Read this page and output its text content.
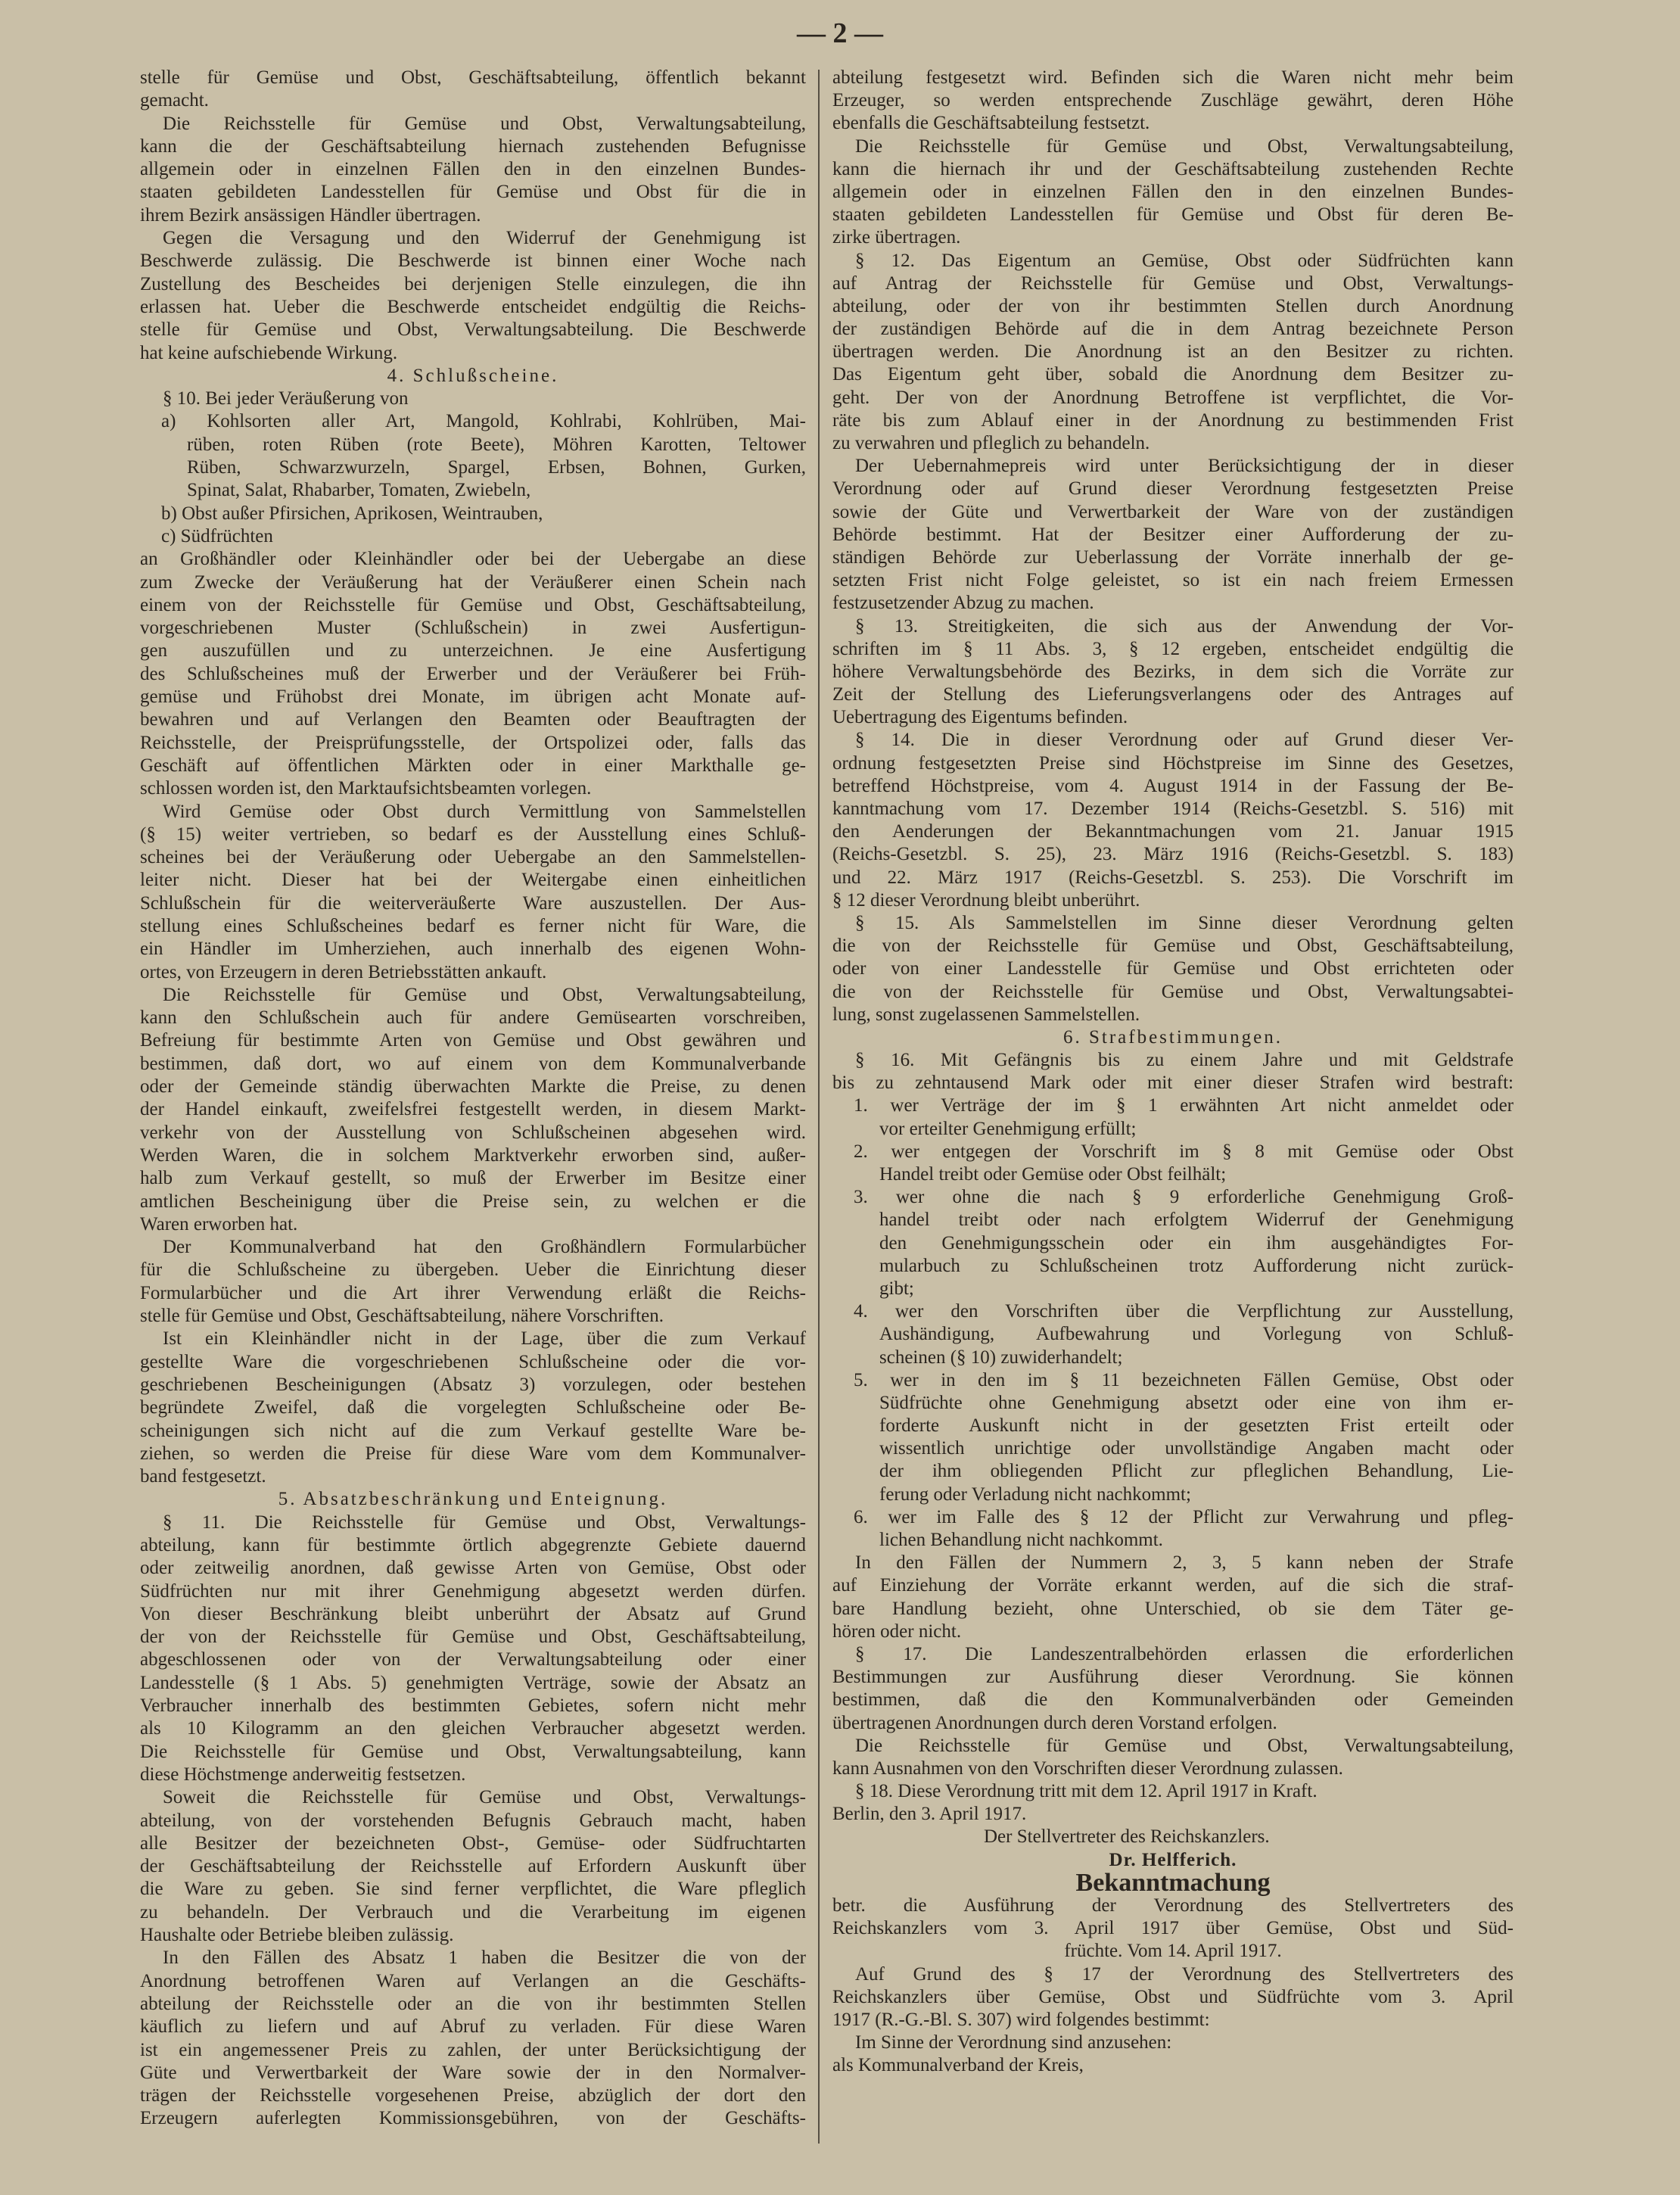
— 2 —
stelle für Gemüse und Obst, Geschäftsabteilung, öffentlich bekannt
gemacht.
Die Reichsstelle für Gemüse und Obst, Verwaltungsabteilung,
kann die der Geschäftsabteilung hiernach zustehenden Befugnisse
allgemein oder in einzelnen Fällen den in den einzelnen Bundes-
staaten gebildeten Landesstellen für Gemüse und Obst für die in
ihrem Bezirk ansässigen Händler übertragen.
Gegen die Versagung und den Widerruf der Genehmigung ist
Beschwerde zulässig. Die Beschwerde ist binnen einer Woche nach
Zustellung des Bescheides bei derjenigen Stelle einzulegen, die ihn
erlassen hat. Ueber die Beschwerde entscheidet endgültig die Reichs-
stelle für Gemüse und Obst, Verwaltungsabteilung. Die Beschwerde
hat keine aufschiebende Wirkung.
4. Schlußscheine.
§ 10. Bei jeder Veräußerung von
a) Kohlsorten aller Art, Mangold, Kohlrabi, Kohlrüben, Mai-
rüben, roten Rüben (rote Beete), Möhren Karotten, Teltower
Rüben, Schwarzwurzeln, Spargel, Erbsen, Bohnen, Gurken,
Spinat, Salat, Rhabarber, Tomaten, Zwiebeln,
b) Obst außer Pfirsichen, Aprikosen, Weintrauben,
c) Südfrüchten
an Großhändler oder Kleinhändler oder bei der Uebergabe an diese
zum Zwecke der Veräußerung hat der Veräußerer einen Schein nach
einem von der Reichsstelle für Gemüse und Obst, Geschäftsabteilung,
vorgeschriebenen Muster (Schlußschein) in zwei Ausfertigun-
gen auszufüllen und zu unterzeichnen. Je eine Ausfertigung
des Schlußscheines muß der Erwerber und der Veräußerer bei Früh-
gemüse und Frühobst drei Monate, im übrigen acht Monate auf-
bewahren und auf Verlangen den Beamten oder Beauftragten der
Reichsstelle, der Preisprüfungsstelle, der Ortspolizei oder, falls das
Geschäft auf öffentlichen Märkten oder in einer Markthalle ge-
schlossen worden ist, den Marktaufsichtsbeamten vorlegen.
Wird Gemüse oder Obst durch Vermittlung von Sammelstellen
(§ 15) weiter vertrieben, so bedarf es der Ausstellung eines Schluß-
scheines bei der Veräußerung oder Uebergabe an den Sammelstellen-
leiter nicht. Dieser hat bei der Weitergabe einen einheitlichen
Schlußschein für die weiterveräußerte Ware auszustellen. Der Aus-
stellung eines Schlußscheines bedarf es ferner nicht für Ware, die
ein Händler im Umherziehen, auch innerhalb des eigenen Wohn-
ortes, von Erzeugern in deren Betriebsstätten ankauft.
Die Reichsstelle für Gemüse und Obst, Verwaltungsabteilung,
kann den Schlußschein auch für andere Gemüsearten vorschreiben,
Befreiung für bestimmte Arten von Gemüse und Obst gewähren und
bestimmen, daß dort, wo auf einem von dem Kommunalverbande
oder der Gemeinde ständig überwachten Markte die Preise, zu denen
der Handel einkauft, zweifelsfrei festgestellt werden, in diesem Markt-
verkehr von der Ausstellung von Schlußscheinen abgesehen wird.
Werden Waren, die in solchem Marktverkehr erworben sind, außer-
halb zum Verkauf gestellt, so muß der Erwerber im Besitze einer
amtlichen Bescheinigung über die Preise sein, zu welchen er die
Waren erworben hat.
Der Kommunalverband hat den Großhändlern Formularbücher
für die Schlußscheine zu übergeben. Ueber die Einrichtung dieser
Formularbücher und die Art ihrer Verwendung erläßt die Reichs-
stelle für Gemüse und Obst, Geschäftsabteilung, nähere Vorschriften.
Ist ein Kleinhändler nicht in der Lage, über die zum Verkauf
gestellte Ware die vorgeschriebenen Schlußscheine oder die vor-
geschriebenen Bescheinigungen (Absatz 3) vorzulegen, oder bestehen
begründete Zweifel, daß die vorgelegten Schlußscheine oder Be-
scheinigungen sich nicht auf die zum Verkauf gestellte Ware be-
ziehen, so werden die Preise für diese Ware vom dem Kommunalver-
band festgesetzt.
5. Absatzbeschränkung und Enteignung.
§ 11. Die Reichsstelle für Gemüse und Obst, Verwaltungs-
abteilung, kann für bestimmte örtlich abgegrenzte Gebiete dauernd
oder zeitweilig anordnen, daß gewisse Arten von Gemüse, Obst oder
Südfrüchten nur mit ihrer Genehmigung abgesetzt werden dürfen.
Von dieser Beschränkung bleibt unberührt der Absatz auf Grund
der von der Reichsstelle für Gemüse und Obst, Geschäftsabteilung,
abgeschlossenen oder von der Verwaltungsabteilung oder einer
Landesstelle (§ 1 Abs. 5) genehmigten Verträge, sowie der Absatz an
Verbraucher innerhalb des bestimmten Gebietes, sofern nicht mehr
als 10 Kilogramm an den gleichen Verbraucher abgesetzt werden.
Die Reichsstelle für Gemüse und Obst, Verwaltungsabteilung, kann
diese Höchstmenge anderweitig festsetzen.
Soweit die Reichsstelle für Gemüse und Obst, Verwaltungs-
abteilung, von der vorstehenden Befugnis Gebrauch macht, haben
alle Besitzer der bezeichneten Obst-, Gemüse- oder Südfruchtarten
der Geschäftsabteilung der Reichsstelle auf Erfordern Auskunft über
die Ware zu geben. Sie sind ferner verpflichtet, die Ware pfleglich
zu behandeln. Der Verbrauch und die Verarbeitung im eigenen
Haushalte oder Betriebe bleiben zulässig.
In den Fällen des Absatz 1 haben die Besitzer die von der
Anordnung betroffenen Waren auf Verlangen an die Geschäfts-
abteilung der Reichsstelle oder an die von ihr bestimmten Stellen
käuflich zu liefern und auf Abruf zu verladen. Für diese Waren
ist ein angemessener Preis zu zahlen, der unter Berücksichtigung der
Güte und Verwertbarkeit der Ware sowie der in den Normalver-
trägen der Reichsstelle vorgesehenen Preise, abzüglich der dort den
Erzeugern auferlegten Kommissionsgebühren, von der Geschäfts-
abteilung festgesetzt wird. Befinden sich die Waren nicht mehr beim
Erzeuger, so werden entsprechende Zuschläge gewährt, deren Höhe
ebenfalls die Geschäftsabteilung festsetzt.
Die Reichsstelle für Gemüse und Obst, Verwaltungsabteilung,
kann die hiernach ihr und der Geschäftsabteilung zustehenden Rechte
allgemein oder in einzelnen Fällen den in den einzelnen Bundes-
staaten gebildeten Landesstellen für Gemüse und Obst für deren Be-
zirke übertragen.
§ 12. Das Eigentum an Gemüse, Obst oder Südfrüchten kann
auf Antrag der Reichsstelle für Gemüse und Obst, Verwaltungs-
abteilung, oder der von ihr bestimmten Stellen durch Anordnung
der zuständigen Behörde auf die in dem Antrag bezeichnete Person
übertragen werden. Die Anordnung ist an den Besitzer zu richten.
Das Eigentum geht über, sobald die Anordnung dem Besitzer zu-
geht. Der von der Anordnung Betroffene ist verpflichtet, die Vor-
räte bis zum Ablauf einer in der Anordnung zu bestimmenden Frist
zu verwahren und pfleglich zu behandeln.
Der Uebernahmepreis wird unter Berücksichtigung der in dieser
Verordnung oder auf Grund dieser Verordnung festgesetzten Preise
sowie der Güte und Verwertbarkeit der Ware von der zuständigen
Behörde bestimmt. Hat der Besitzer einer Aufforderung der zu-
ständigen Behörde zur Ueberlassung der Vorräte innerhalb der ge-
setzten Frist nicht Folge geleistet, so ist ein nach freiem Ermessen
festzusetzender Abzug zu machen.
§ 13. Streitigkeiten, die sich aus der Anwendung der Vor-
schriften im § 11 Abs. 3, § 12 ergeben, entscheidet endgültig die
höhere Verwaltungsbehörde des Bezirks, in dem sich die Vorräte zur
Zeit der Stellung des Lieferungsverlangens oder des Antrages auf
Uebertragung des Eigentums befinden.
§ 14. Die in dieser Verordnung oder auf Grund dieser Ver-
ordnung festgesetzten Preise sind Höchstpreise im Sinne des Gesetzes,
betreffend Höchstpreise, vom 4. August 1914 in der Fassung der Be-
kanntmachung vom 17. Dezember 1914 (Reichs-Gesetzbl. S. 516) mit
den Aenderungen der Bekanntmachungen vom 21. Januar 1915
(Reichs-Gesetzbl. S. 25), 23. März 1916 (Reichs-Gesetzbl. S. 183)
und 22. März 1917 (Reichs-Gesetzbl. S. 253). Die Vorschrift im
§ 12 dieser Verordnung bleibt unberührt.
§ 15. Als Sammelstellen im Sinne dieser Verordnung gelten
die von der Reichsstelle für Gemüse und Obst, Geschäftsabteilung,
oder von einer Landesstelle für Gemüse und Obst errichteten oder
die von der Reichsstelle für Gemüse und Obst, Verwaltungsabtei-
lung, sonst zugelassenen Sammelstellen.
6. Strafbestimmungen.
§ 16. Mit Gefängnis bis zu einem Jahre und mit Geldstrafe
bis zu zehntausend Mark oder mit einer dieser Strafen wird bestraft:
1. wer Verträge der im § 1 erwähnten Art nicht anmeldet oder
vor erteilter Genehmigung erfüllt;
2. wer entgegen der Vorschrift im § 8 mit Gemüse oder Obst
Handel treibt oder Gemüse oder Obst feilhält;
3. wer ohne die nach § 9 erforderliche Genehmigung Groß-
handel treibt oder nach erfolgtem Widerruf der Genehmigung
den Genehmigungsschein oder ein ihm ausgehändigtes For-
mularbuch zu Schlußscheinen trotz Aufforderung nicht zurück-
gibt;
4. wer den Vorschriften über die Verpflichtung zur Ausstellung,
Aushändigung, Aufbewahrung und Vorlegung von Schluß-
scheinen (§ 10) zuwiderhandelt;
5. wer in den im § 11 bezeichneten Fällen Gemüse, Obst oder
Südfrüchte ohne Genehmigung absetzt oder eine von ihm er-
forderte Auskunft nicht in der gesetzten Frist erteilt oder
wissentlich unrichtige oder unvollständige Angaben macht oder
der ihm obliegenden Pflicht zur pfleglichen Behandlung, Lie-
ferung oder Verladung nicht nachkommt;
6. wer im Falle des § 12 der Pflicht zur Verwahrung und pfleg-
lichen Behandlung nicht nachkommt.
In den Fällen der Nummern 2, 3, 5 kann neben der Strafe
auf Einziehung der Vorräte erkannt werden, auf die sich die straf-
bare Handlung bezieht, ohne Unterschied, ob sie dem Täter ge-
hören oder nicht.
§ 17. Die Landeszentralbehörden erlassen die erforderlichen
Bestimmungen zur Ausführung dieser Verordnung. Sie können
bestimmen, daß die den Kommunalverbänden oder Gemeinden
übertragenen Anordnungen durch deren Vorstand erfolgen.
Die Reichsstelle für Gemüse und Obst, Verwaltungsabteilung,
kann Ausnahmen von den Vorschriften dieser Verordnung zulassen.
§ 18. Diese Verordnung tritt mit dem 12. April 1917 in Kraft.
Berlin, den 3. April 1917.
Der Stellvertreter des Reichskanzlers.
Dr. Helfferich.
Bekanntmachung
betr. die Ausführung der Verordnung des Stellvertreters des
Reichskanzlers vom 3. April 1917 über Gemüse, Obst und Süd-
früchte. Vom 14. April 1917.
Auf Grund des § 17 der Verordnung des Stellvertreters des
Reichskanzlers über Gemüse, Obst und Südfrüchte vom 3. April
1917 (R.-G.-Bl. S. 307) wird folgendes bestimmt:
Im Sinne der Verordnung sind anzusehen:
als Kommunalverband der Kreis,
